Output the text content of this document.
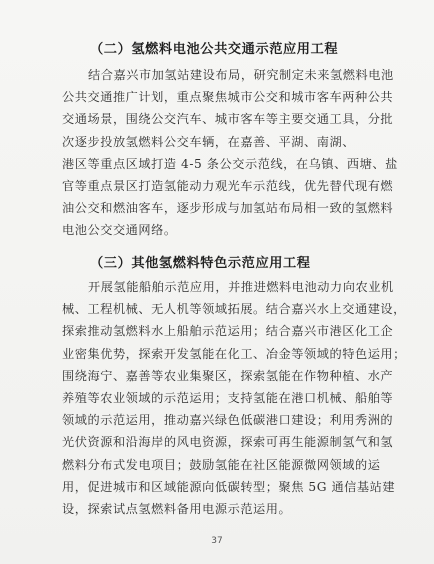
（二）氢燃料电池公共交通示范应用工程
结合嘉兴市加氢站建设布局，研究制定未来氢燃料电池
公共交通推广计划，重点聚焦城市公交和城市客车两种公共
交通场景，围绕公交汽车、城市客车等主要交通工具，分批
次逐步投放氢燃料公交车辆，在嘉善、平湖、南湖、
港区等重点区域打造 4-5 条公交示范线，在乌镇、西塘、盐
官等重点景区打造氢能动力观光车示范线，优先替代现有燃
油公交和燃油客车，逐步形成与加氢站布局相一致的氢燃料
电池公交交通网络。
（三）其他氢燃料特色示范应用工程
开展氢能船舶示范应用，并推进燃料电池动力向农业机
械、工程机械、无人机等领域拓展。结合嘉兴水上交通建设，
探索推动氢燃料水上船舶示范运用；结合嘉兴市港区化工企
业密集优势，探索开发氢能在化工、冶金等领域的特色运用；
围绕海宁、嘉善等农业集聚区，探索氢能在作物种植、水产
养殖等农业领域的示范运用；支持氢能在港口机械、船舶等
领域的示范运用，推动嘉兴绿色低碳港口建设；利用秀洲的
光伏资源和沿海岸的风电资源，探索可再生能源制氢气和氢
燃料分布式发电项目；鼓励氢能在社区能源微网领域的运
用，促进城市和区域能源向低碳转型；聚焦 5G 通信基站建
设，探索试点氢燃料备用电源示范运用。
37
